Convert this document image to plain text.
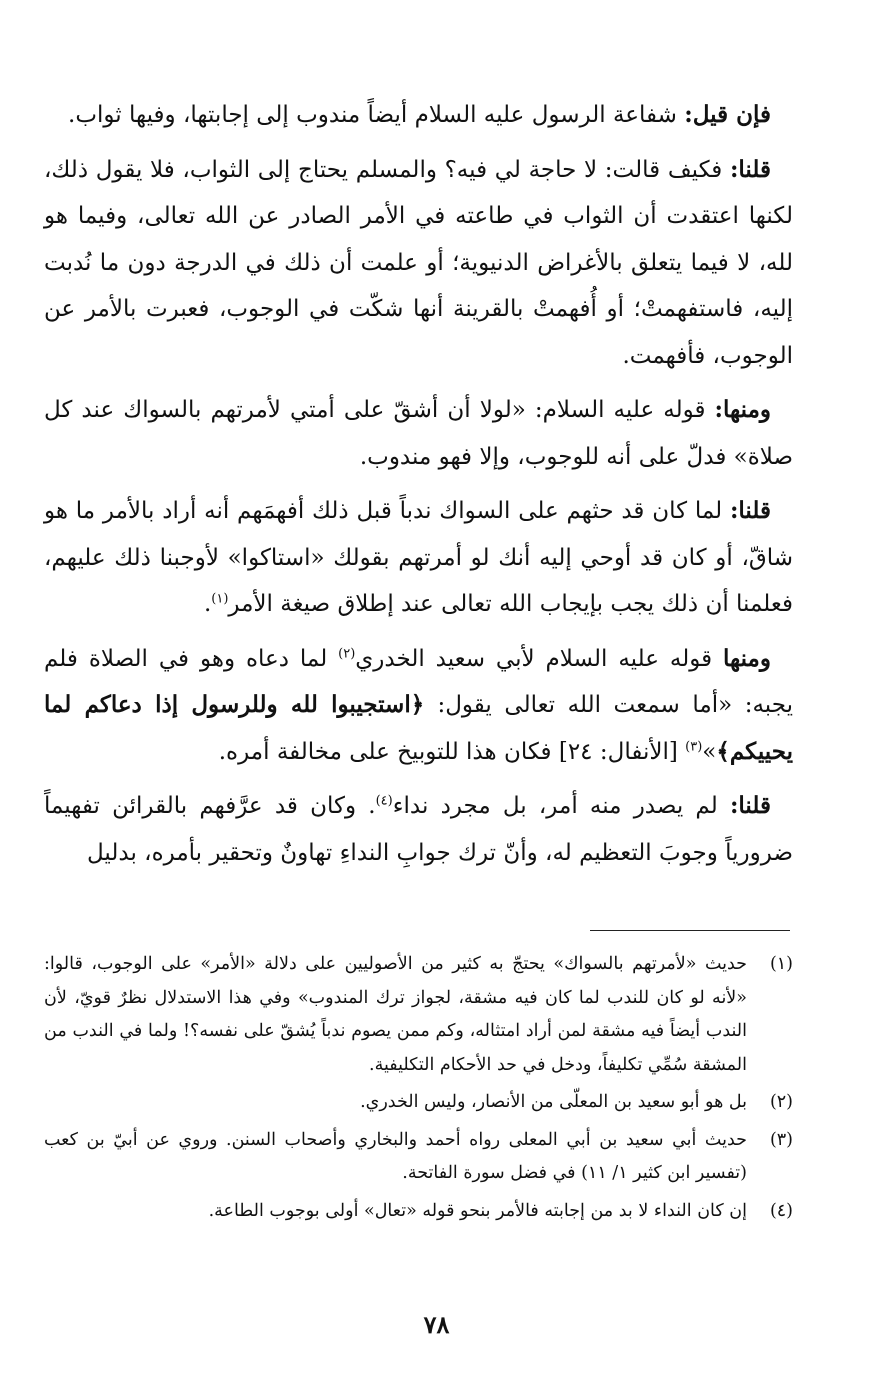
فإن قيل: شفاعة الرسول عليه السلام أيضاً مندوب إلى إجابتها، وفيها ثواب.

قلنا: فكيف قالت: لا حاجة لي فيه؟ والمسلم يحتاج إلى الثواب، فلا يقول ذلك، لكنها اعتقدت أن الثواب في طاعته في الأمر الصادر عن الله تعالى، وفيما هو لله، لا فيما يتعلق بالأغراض الدنيوية؛ أو علمت أن ذلك في الدرجة دون ما نُدبت إليه، فاستفهمتْ؛ أو أُفهمتْ بالقرينة أنها شكّت في الوجوب، فعبرت بالأمر عن الوجوب، فأفهمت.

ومنها: قوله عليه السلام: «لولا أن أشقّ على أمتي لأمرتهم بالسواك عند كل صلاة» فدلّ على أنه للوجوب، وإلا فهو مندوب.

قلنا: لما كان قد حثهم على السواك ندباً قبل ذلك أفهمَهم أنه أراد بالأمر ما هو شاقّ، أو كان قد أوحي إليه أنك لو أمرتهم بقولك «استاكوا» لأوجبنا ذلك عليهم، فعلمنا أن ذلك يجب بإيجاب الله تعالى عند إطلاق صيغة الأمر$^{(١)}$.

ومنها قوله عليه السلام لأبي سعيد الخدري$^{(٢)}$ لما دعاه وهو في الصلاة فلم يجبه: «أما سمعت الله تعالى يقول: ﴿استجيبوا لله وللرسول إذا دعاكم لما يحييكم﴾»$^{(٣)}$ [الأنفال: ٢٤] فكان هذا للتوبيخ على مخالفة أمره.

قلنا: لم يصدر منه أمر، بل مجرد نداء$^{(٤)}$. وكان قد عرَّفهم بالقرائن تفهيماً ضرورياً وجوبَ التعظيم له، وأنّ ترك جوابِ النداءِ تهاونٌ وتحقير بأمره، بدليل

(١)
حديث «لأمرتهم بالسواك» يحتجّ به كثير من الأصوليين على دلالة «الأمر» على الوجوب، قالوا: «لأنه لو كان للندب لما كان فيه مشقة، لجواز ترك المندوب» وفي هذا الاستدلال نظرٌ قويّ، لأن الندب أيضاً فيه مشقة لمن أراد امتثاله، وكم ممن يصوم ندباً يُشقّ على نفسه؟! ولما في الندب من المشقة سُمِّي تكليفاً، ودخل في حد الأحكام التكليفية.
(٢)
بل هو أبو سعيد بن المعلّى من الأنصار، وليس الخدري.
(٣)
حديث أبي سعيد بن أبي المعلى رواه أحمد والبخاري وأصحاب السنن. وروي عن أبيّ بن كعب (تفسير ابن كثير ١/ ١١) في فضل سورة الفاتحة.
(٤)
إن كان النداء لا بد من إجابته فالأمر بنحو قوله «تعال» أولى بوجوب الطاعة.
٧٨
